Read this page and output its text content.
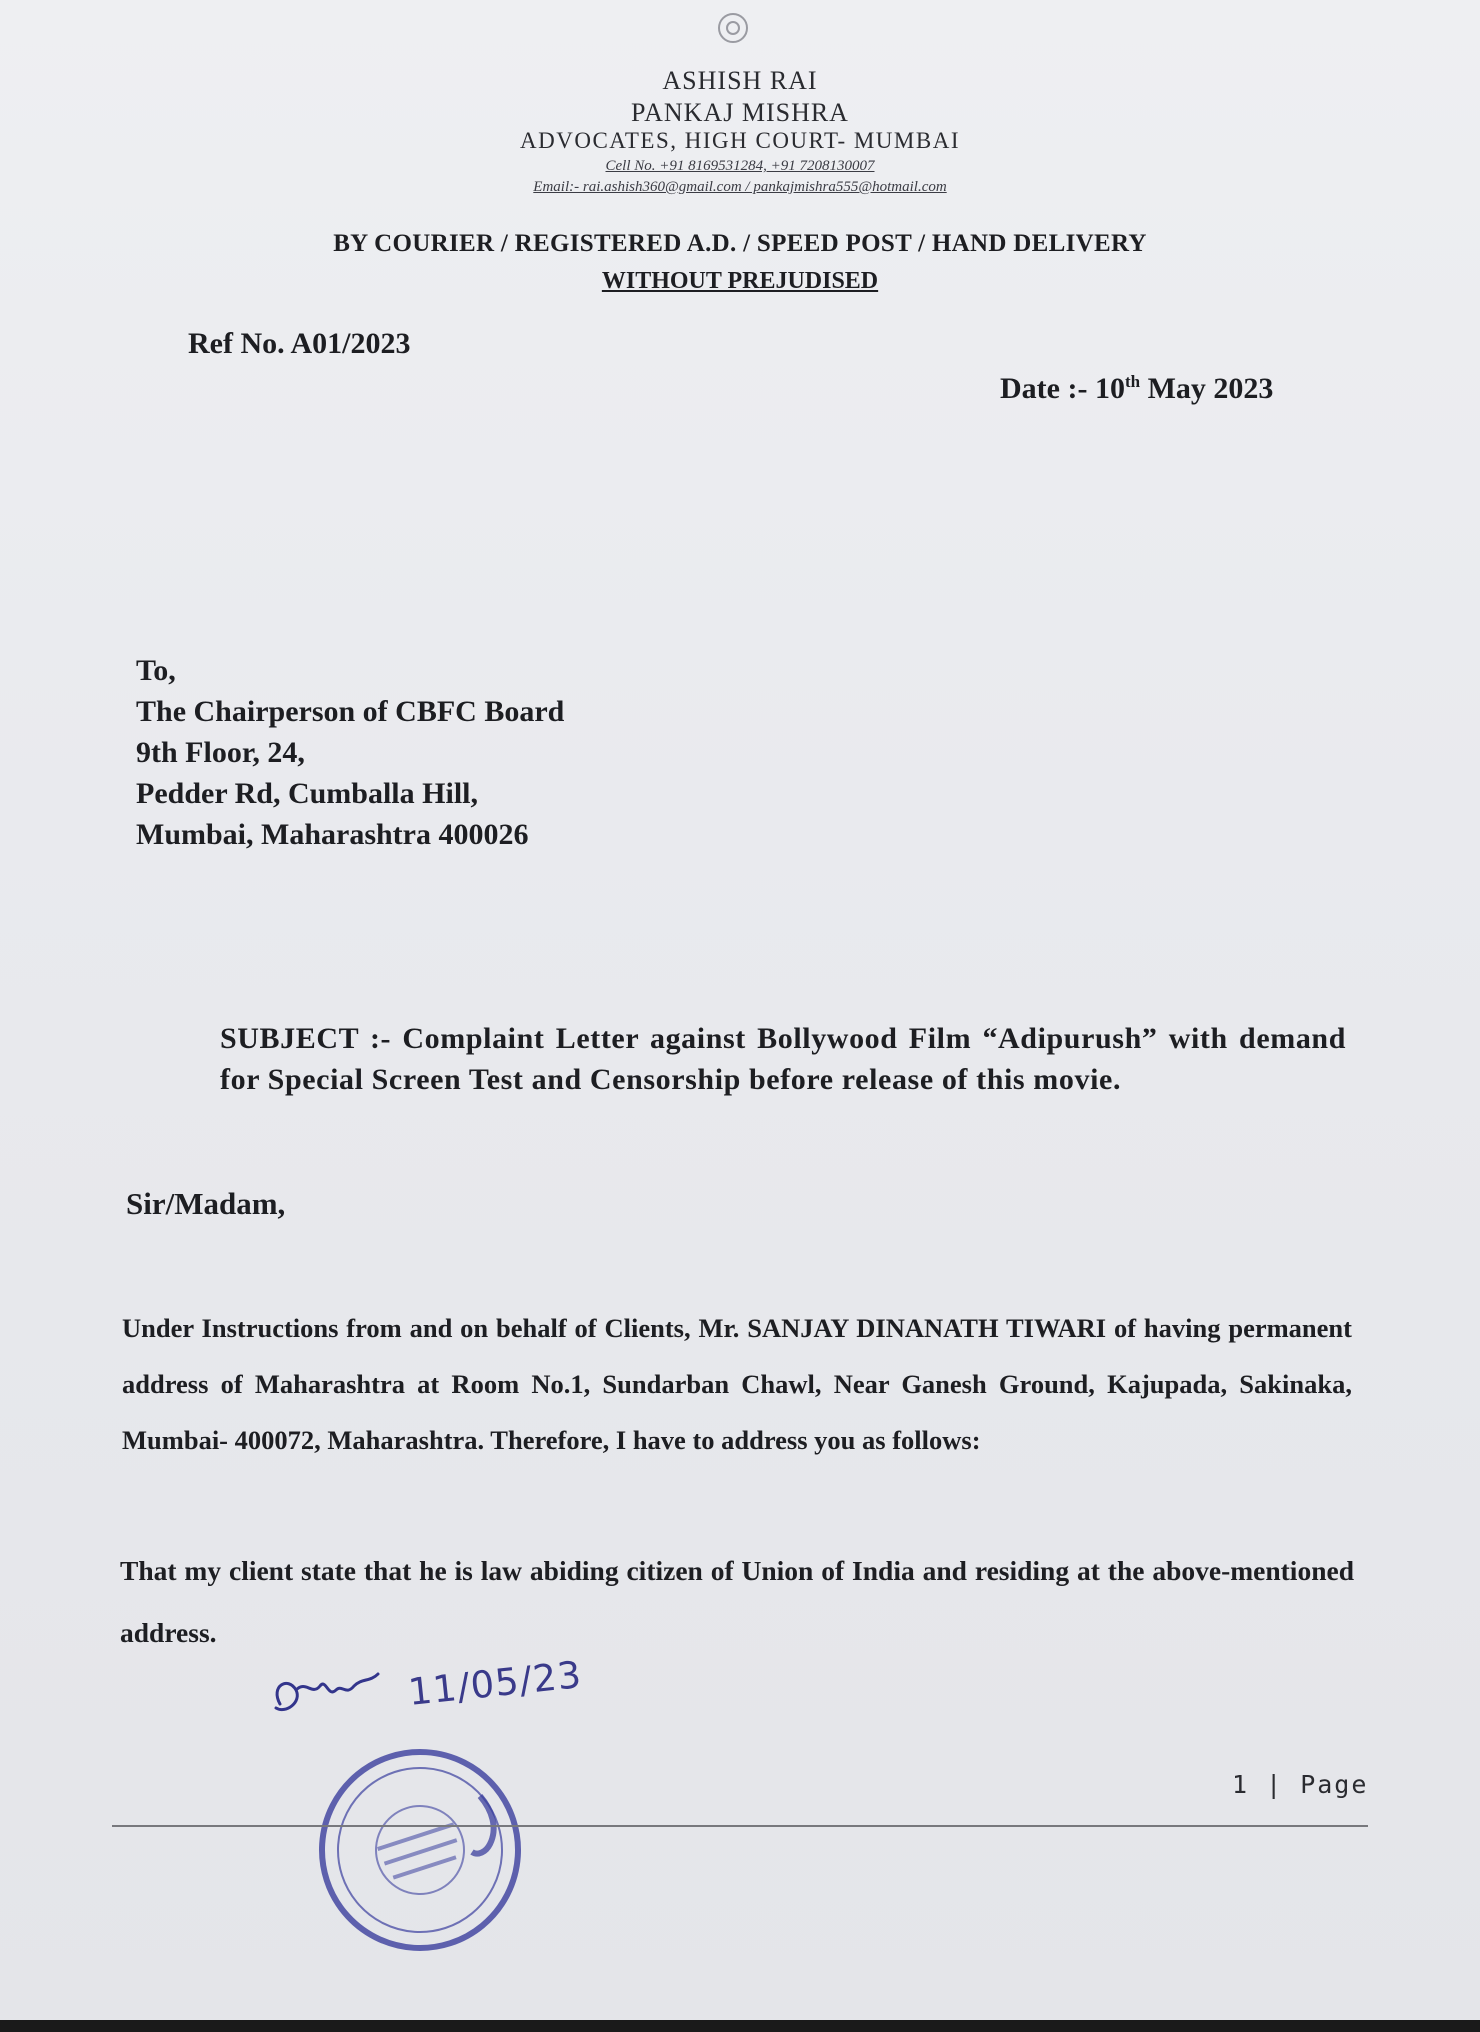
ASHISH RAI
PANKAJ MISHRA
ADVOCATES, HIGH COURT- MUMBAI
Cell No. +91 8169531284, +91 7208130007
Email:- rai.ashish360@gmail.com / pankajmishra555@hotmail.com
BY COURIER / REGISTERED A.D. / SPEED POST / HAND DELIVERY
WITHOUT PREJUDISED
Ref No. A01/2023
Date :- 10th May 2023
To,
The Chairperson of CBFC Board
9th Floor, 24,
Pedder Rd, Cumballa Hill,
Mumbai, Maharashtra 400026
SUBJECT :- Complaint Letter against Bollywood Film “Adipurush” with demand for Special Screen Test and Censorship before release of this movie.
Sir/Madam,
Under Instructions from and on behalf of Clients, Mr. SANJAY DINANATH TIWARI of having permanent address of Maharashtra at Room No.1, Sundarban Chawl, Near Ganesh Ground, Kajupada, Sakinaka, Mumbai- 400072, Maharashtra. Therefore, I have to address you as follows:
That my client state that he is law abiding citizen of Union of India and residing at the above-mentioned address.
11/05/23
1 | Page
